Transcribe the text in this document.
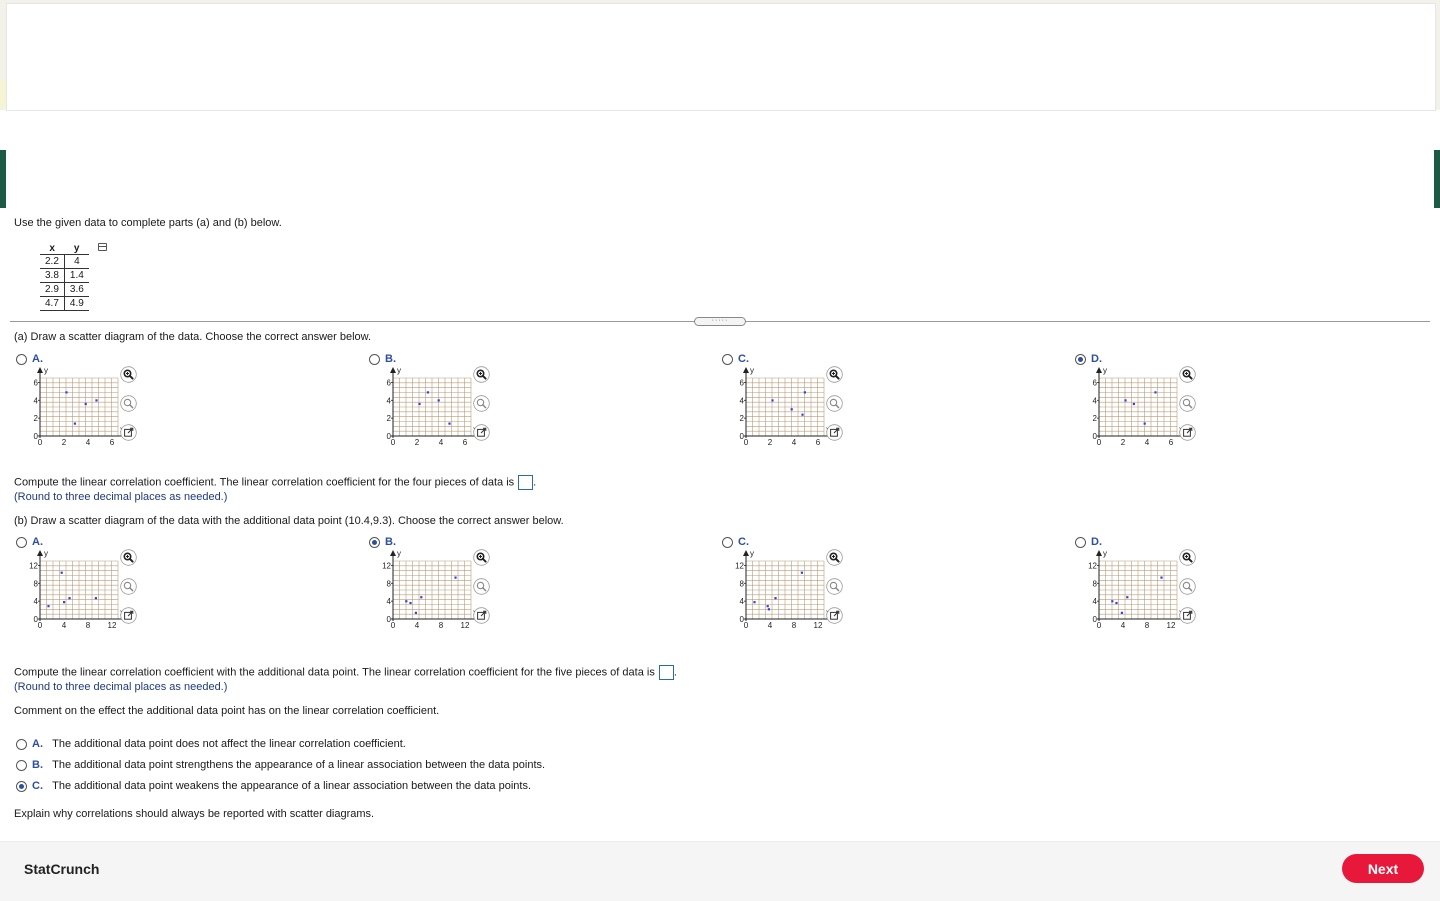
Use the given data to complete parts (a) and (b) below.
x	y
2.2	4
3.8	1.4
2.9	3.6
4.7	4.9
·····
(a) Draw a scatter diagram of the data. Choose the correct answer below.
A.
y
0 2 4 6
6
4
2
0
B.
y
0 2 4 6
6
4
2
0
C.
y
0 2 4 6
6
4
2
0
D.
y
0 2 4 6
6
4
2
0
Compute the linear correlation coefficient. The linear correlation coefficient for the four pieces of data is .
(Round to three decimal places as needed.)
(b) Draw a scatter diagram of the data with the additional data point (10.4,9.3). Choose the correct answer below.
A.
y
0 4 8 12
12
8
4
0
B.
y
0 4 8 12
12
8
4
0
C.
y
0 4 8 12
12
8
4
0
D.
y
0 4 8 12
12
8
4
0
Compute the linear correlation coefficient with the additional data point. The linear correlation coefficient for the five pieces of data is .
(Round to three decimal places as needed.)
Comment on the effect the additional data point has on the linear correlation coefficient.
A. The additional data point does not affect the linear correlation coefficient.
B. The additional data point strengthens the appearance of a linear association between the data points.
C. The additional data point weakens the appearance of a linear association between the data points.
Explain why correlations should always be reported with scatter diagrams.
StatCrunch	Next
